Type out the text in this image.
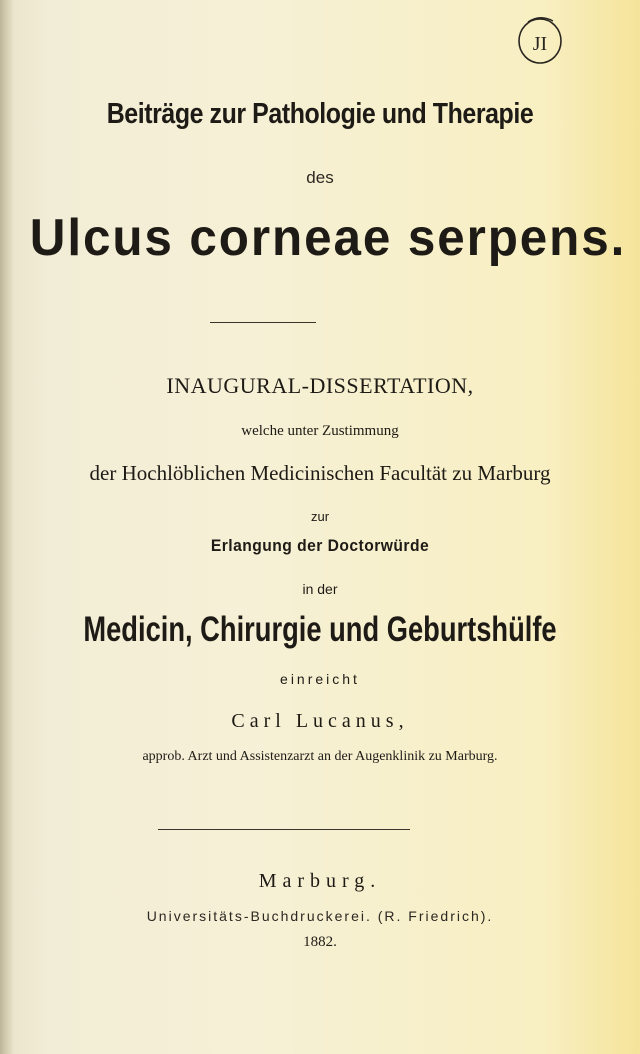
JI
Beiträge zur Pathologie und Therapie
des
Ulcus corneae serpens.
INAUGURAL-DISSERTATION,
welche unter Zustimmung
der Hochlöblichen Medicinischen Facultät zu Marburg
zur
Erlangung der Doctorwürde
in der
Medicin, Chirurgie und Geburtshülfe
einreicht
Carl Lucanus,
approb. Arzt und Assistenzarzt an der Augenklinik zu Marburg.
Marburg.
Universitäts-Buchdruckerei. (R. Friedrich).
1882.
